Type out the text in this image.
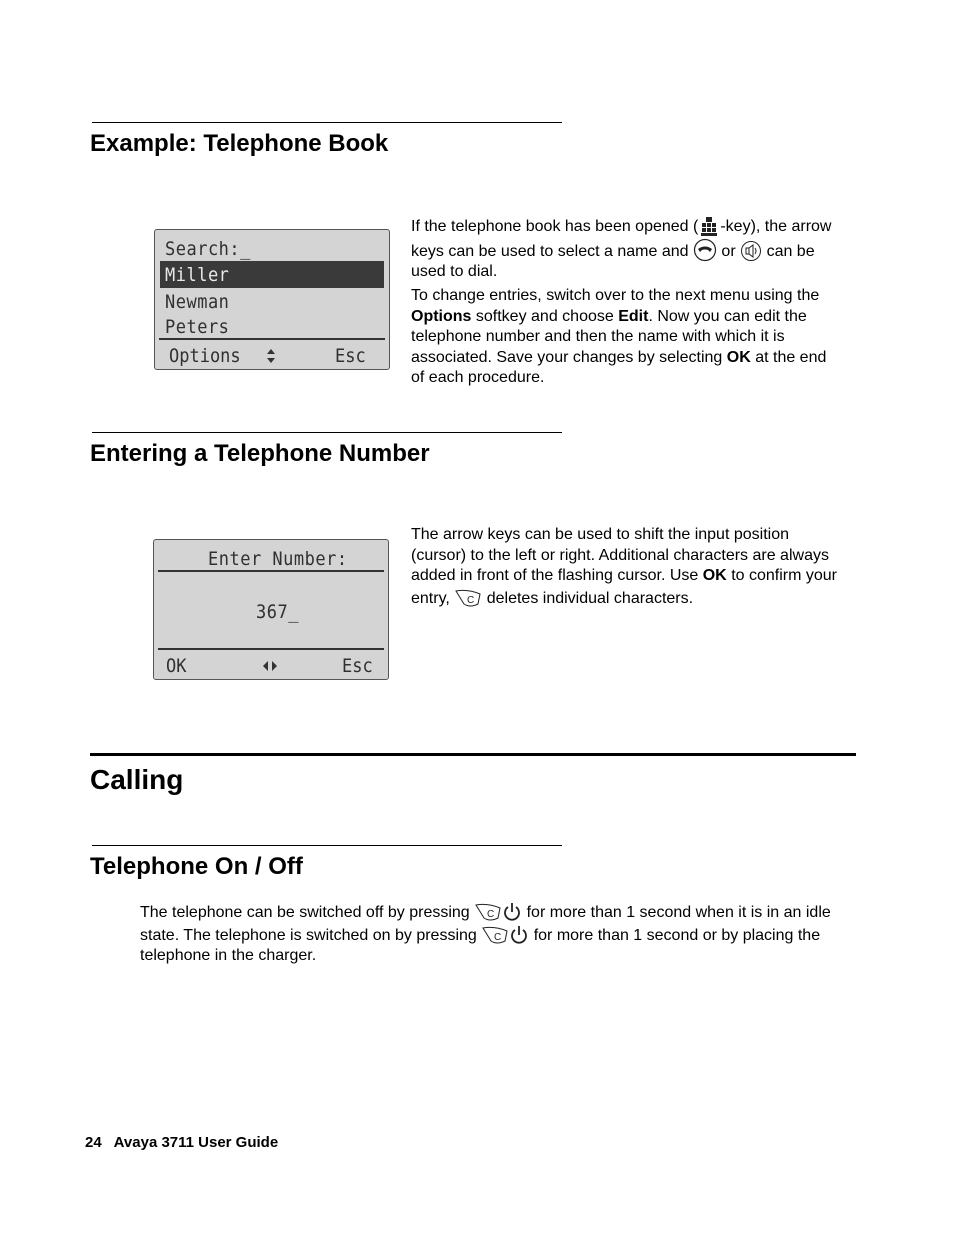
Example: Telephone Book
Search:_
Miller
Newman
Peters
Options	Esc

If the telephone book has been opened ( -key), the arrow keys can be used to select a name and or can be used to dial.

To change entries, switch over to the next menu using the Options softkey and choose Edit. Now you can edit the telephone number and then the name with which it is associated. Save your changes by selecting OK at the end of each procedure.

Entering a Telephone Number
Enter Number:
367_
OK	Esc

The arrow keys can be used to shift the input position (cursor) to the left or right. Additional characters are always added in front of the flashing cursor. Use OK to confirm your entry, C deletes individual characters.

Calling
Telephone On / Off

The telephone can be switched off by pressing C for more than 1 second when it is in an idle state. The telephone is switched on by pressing C for more than 1 second or by placing the telephone in the charger.

24 Avaya 3711 User Guide
